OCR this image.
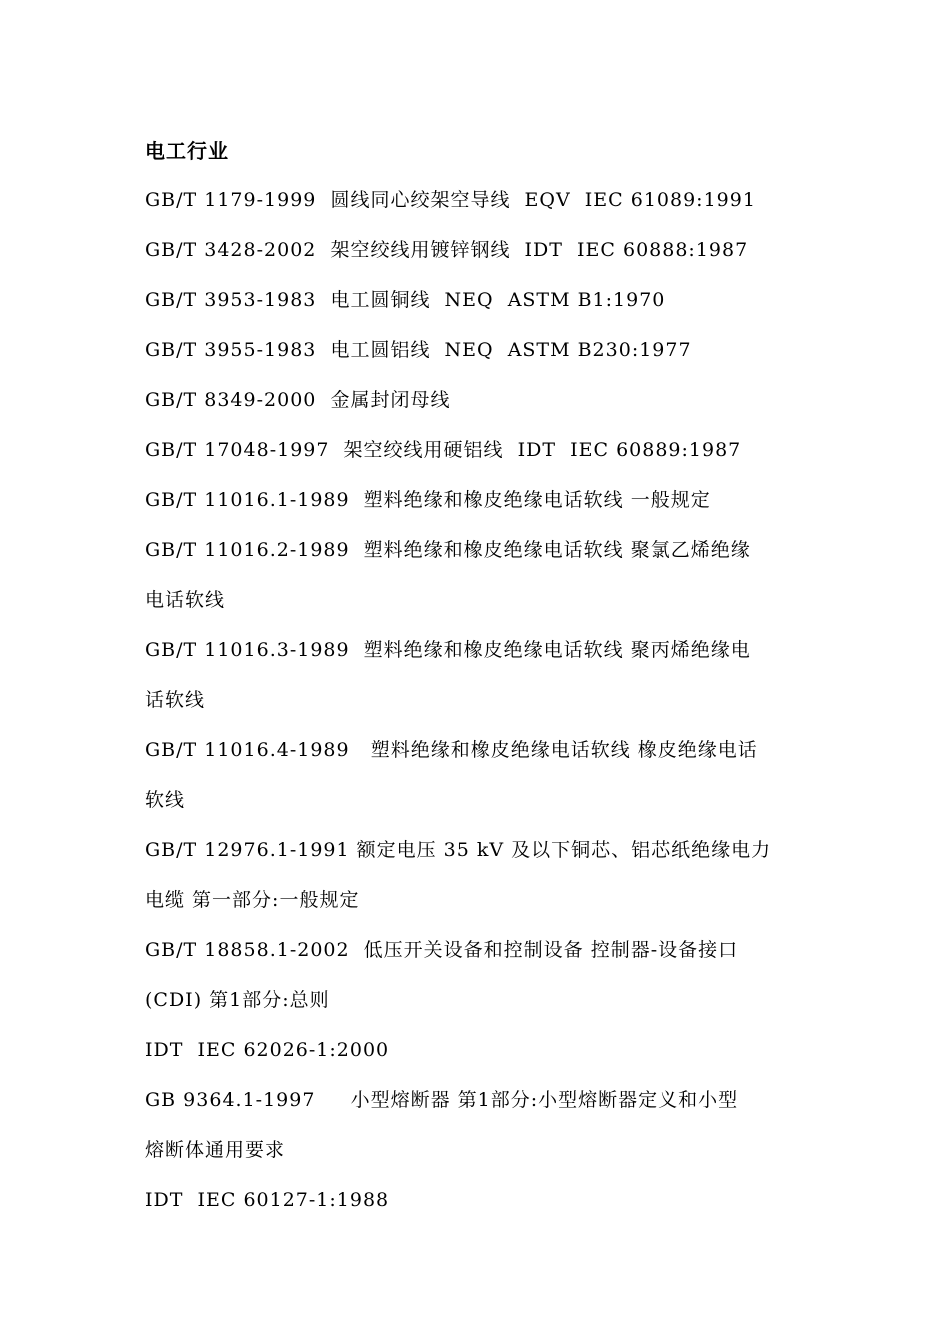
电工行业
GB/T 1179-1999  圆线同心绞架空导线  EQV  IEC 61089:1991
GB/T 3428-2002  架空绞线用镀锌钢线  IDT  IEC 60888:1987
GB/T 3953-1983  电工圆铜线  NEQ  ASTM B1:1970
GB/T 3955-1983  电工圆铝线  NEQ  ASTM B230:1977
GB/T 8349-2000  金属封闭母线
GB/T 17048-1997  架空绞线用硬铝线  IDT  IEC 60889:1987
GB/T 11016.1-1989  塑料绝缘和橡皮绝缘电话软线 一般规定
GB/T 11016.2-1989  塑料绝缘和橡皮绝缘电话软线 聚氯乙烯绝缘
电话软线
GB/T 11016.3-1989  塑料绝缘和橡皮绝缘电话软线 聚丙烯绝缘电
话软线
GB/T 11016.4-1989   塑料绝缘和橡皮绝缘电话软线 橡皮绝缘电话
软线
GB/T 12976.1-1991 额定电压 35 kV 及以下铜芯、铝芯纸绝缘电力
电缆 第一部分:一般规定
GB/T 18858.1-2002  低压开关设备和控制设备 控制器-设备接口
(CDI) 第1部分:总则
IDT  IEC 62026-1:2000
GB 9364.1-1997     小型熔断器 第1部分:小型熔断器定义和小型
熔断体通用要求
IDT  IEC 60127-1:1988
